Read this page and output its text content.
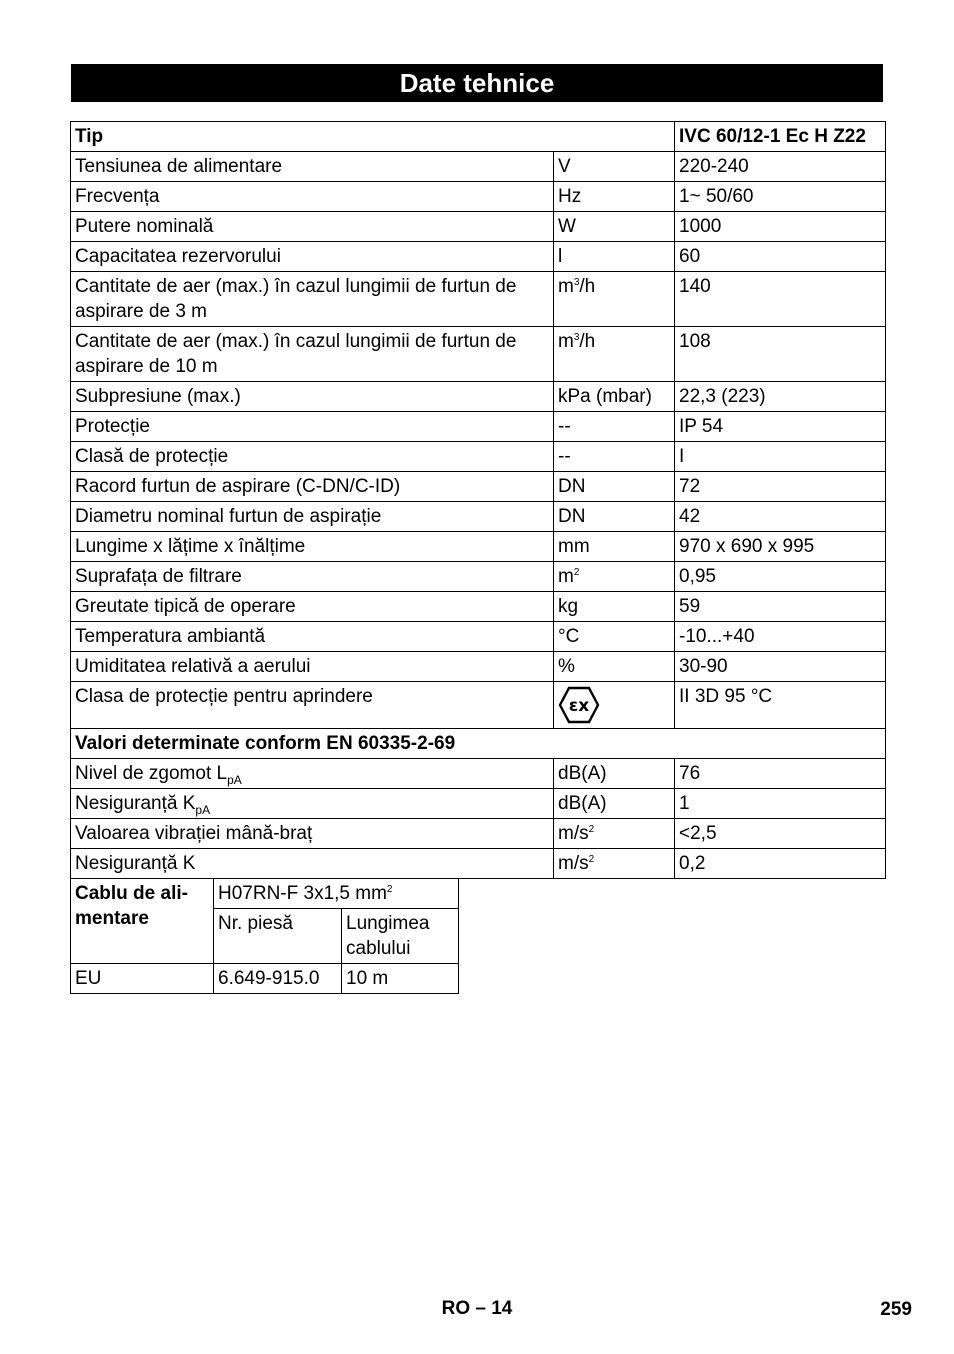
Date tehnice
Tip		IVC 60/12-1 Ec H Z22
Tensiunea de alimentare	V	220-240
Frecvența	Hz	1~ 50/60
Putere nominală	W	1000
Capacitatea rezervorului	l	60
Cantitate de aer (max.) în cazul lungimii de furtun de aspirare de 3 m	$m^3/h$	140
Cantitate de aer (max.) în cazul lungimii de furtun de aspirare de 10 m	$m^3/h$	108
Subpresiune (max.)	kPa (mbar)	22,3 (223)
Protecție	--	IP 54
Clasă de protecție	--	I
Racord furtun de aspirare (C-DN/C-ID)	DN	72
Diametru nominal furtun de aspirație	DN	42
Lungime x lățime x înălțime	mm	970 x 690 x 995
Suprafața de filtrare	$m^2$	0,95
Greutate tipică de operare	kg	59
Temperatura ambiantă	°C	-10...+40
Umiditatea relativă a aerului	%	30-90
Clasa de protecție pentru aprindere	ɛx	II 3D 95 °C
Valori determinate conform EN 60335-2-69		
Nivel de zgomot $L_{pA}$	dB(A)	76
Nesiguranță $K_{pA}$	dB(A)	1
Valoarea vibrației mână-braț	$m/s^2$	<2,5
Nesiguranță K	$m/s^2$	0,2
Cablu de ali-
mentare	H07RN-F 3x1,5 $mm^2$
	Nr. piesă	Lungimea
cablului
EU	6.649-915.0	10 m
RO – 14	259
